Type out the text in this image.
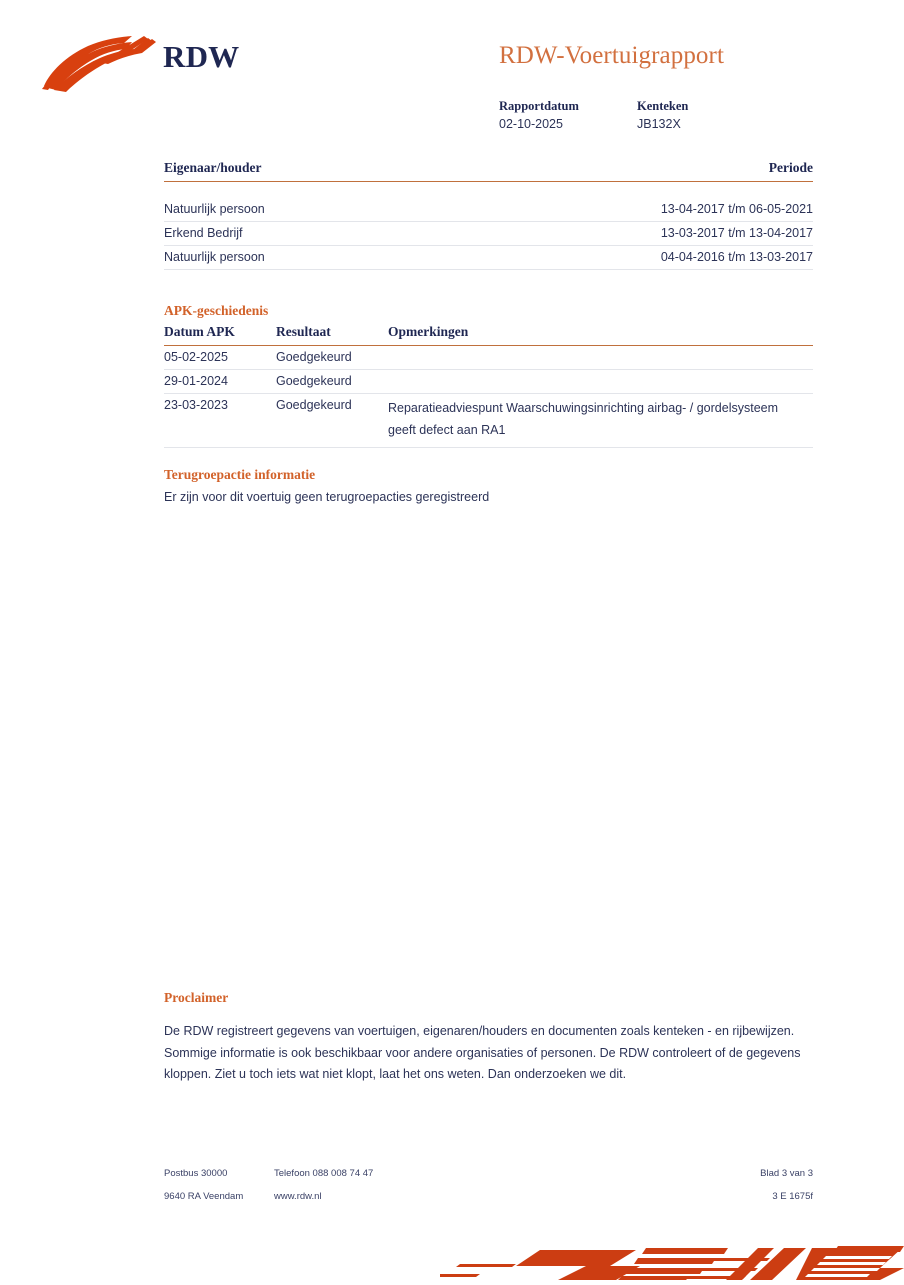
RDW	RDW-Voertuigrapport
Rapportdatum	Kenteken
02-10-2025	JB132X
Eigenaar/houder	Periode
Natuurlijk persoon	13-04-2017 t/m 06-05-2021
Erkend Bedrijf	13-03-2017 t/m 13-04-2017
Natuurlijk persoon	04-04-2016 t/m 13-03-2017
APK-geschiedenis
Datum APK	Resultaat	Opmerkingen
05-02-2025	Goedgekeurd	
29-01-2024	Goedgekeurd	
23-03-2023	Goedgekeurd	Reparatieadviespunt Waarschuwingsinrichting airbag- / gordelsysteem geeft defect aan RA1
Terugroepactie informatie

Er zijn voor dit voertuig geen terugroepacties geregistreerd

Proclaimer

De RDW registreert gegevens van voertuigen, eigenaren/houders en documenten zoals kenteken - en rijbewijzen. Sommige informatie is ook beschikbaar voor andere organisaties of personen. De RDW controleert of de gegevens kloppen. Ziet u toch iets wat niet klopt, laat het ons weten. Dan onderzoeken we dit.

Postbus 30000	Telefoon 088 008 74 47	Blad 3 van 3
9640 RA Veendam	www.rdw.nl	3 E 1675f
